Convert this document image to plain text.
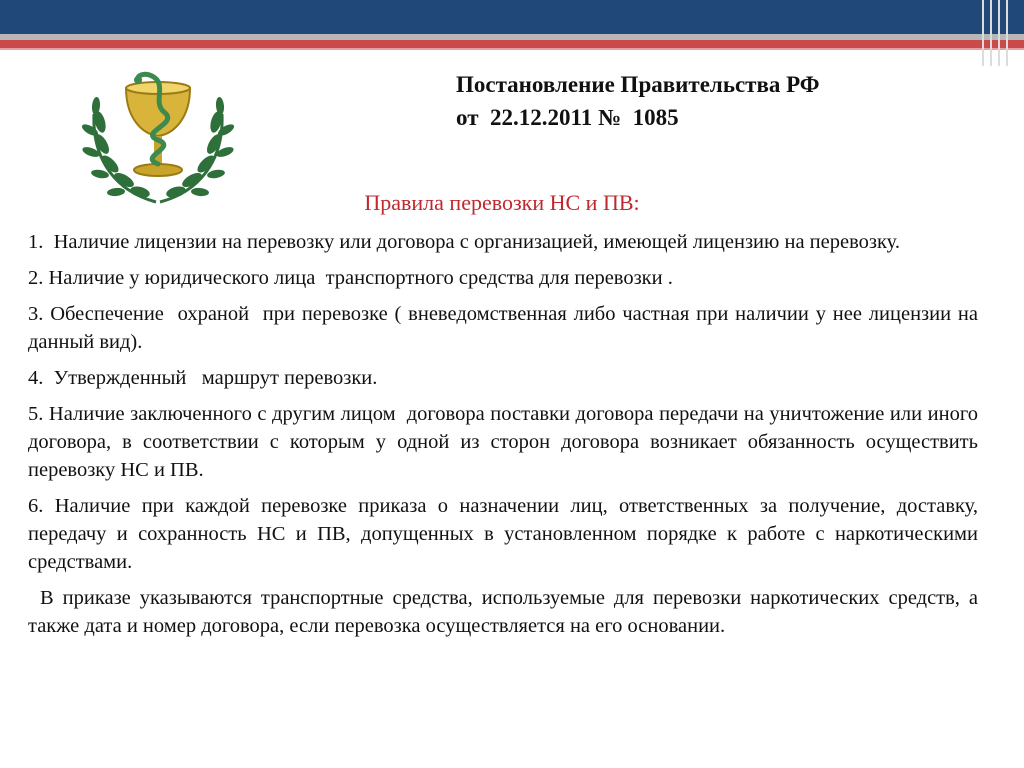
Постановление Правительства РФ
от  22.12.2011 №  1085
Правила перевозки НС и ПВ:

1.  Наличие лицензии на перевозку или договора с организацией, имеющей лицензию на перевозку.

2. Наличие у юридического лица  транспортного средства для перевозки .

3. Обеспечение  охраной  при перевозке ( вневедомственная либо частная при наличии у нее лицензии на данный вид).

4.  Утвержденный   маршрут перевозки.

5. Наличие заключенного с другим лицом  договора поставки договора передачи на уничтожение или иного договора, в соответствии с которым у одной из сторон договора возникает обязанность осуществить перевозку НС и ПВ.

6. Наличие при каждой перевозке приказа о назначении лиц, ответственных за получение, доставку, передачу и сохранность НС и ПВ, допущенных в установленном порядке к работе с наркотическими средствами.

В приказе указываются транспортные средства, используемые для перевозки наркотических средств, а также дата и номер договора, если перевозка осуществляется на его основании.
